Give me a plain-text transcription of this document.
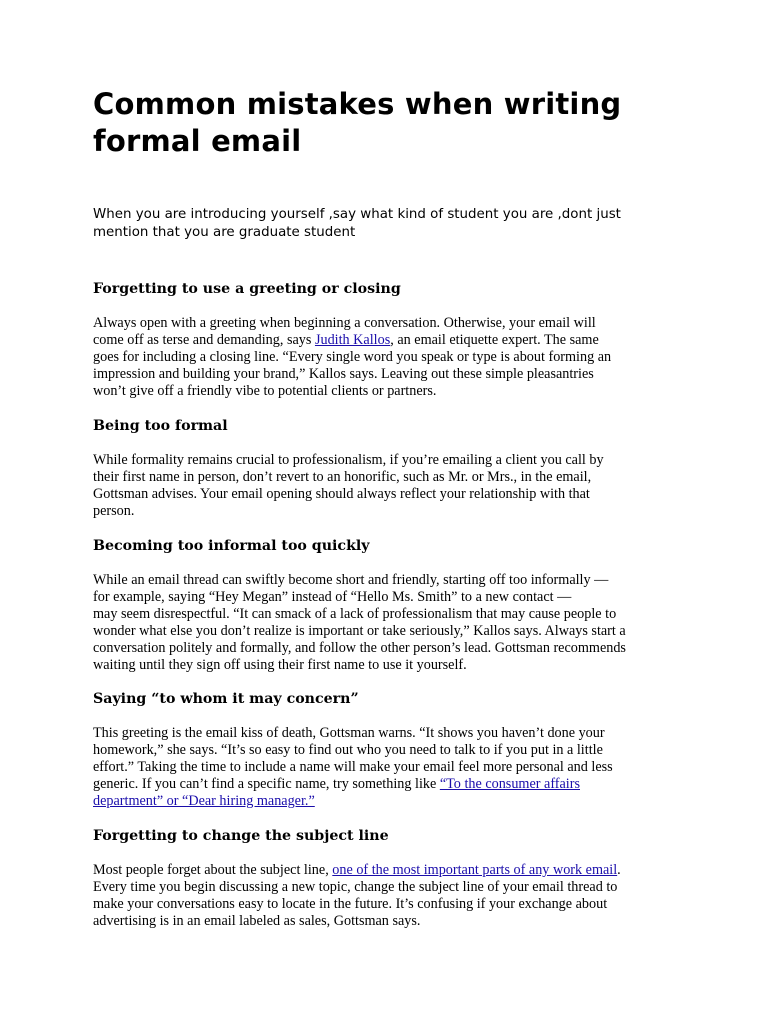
Common mistakes when writing
formal email

When you are introducing yourself ,say what kind of student you are ,dont just
mention that you are graduate student

Forgetting to use a greeting or closing

Always open with a greeting when beginning a conversation. Otherwise, your email will
come off as terse and demanding, says Judith Kallos, an email etiquette expert. The same
goes for including a closing line. “Every single word you speak or type is about forming an
impression and building your brand,” Kallos says. Leaving out these simple pleasantries
won’t give off a friendly vibe to potential clients or partners.

Being too formal

While formality remains crucial to professionalism, if you’re emailing a client you call by
their first name in person, don’t revert to an honorific, such as Mr. or Mrs., in the email,
Gottsman advises. Your email opening should always reflect your relationship with that
person.

Becoming too informal too quickly

While an email thread can swiftly become short and friendly, starting off too informally —
for example, saying “Hey Megan” instead of “Hello Ms. Smith” to a new contact —
may seem disrespectful. “It can smack of a lack of professionalism that may cause people to
wonder what else you don’t realize is important or take seriously,” Kallos says. Always start a
conversation politely and formally, and follow the other person’s lead. Gottsman recommends
waiting until they sign off using their first name to use it yourself.

Saying “to whom it may concern”

This greeting is the email kiss of death, Gottsman warns. “It shows you haven’t done your
homework,” she says. “It’s so easy to find out who you need to talk to if you put in a little
effort.” Taking the time to include a name will make your email feel more personal and less
generic. If you can’t find a specific name, try something like “To the consumer affairs
department” or “Dear hiring manager.”

Forgetting to change the subject line

Most people forget about the subject line, one of the most important parts of any work email.
Every time you begin discussing a new topic, change the subject line of your email thread to
make your conversations easy to locate in the future. It’s confusing if your exchange about
advertising is in an email labeled as sales, Gottsman says.
